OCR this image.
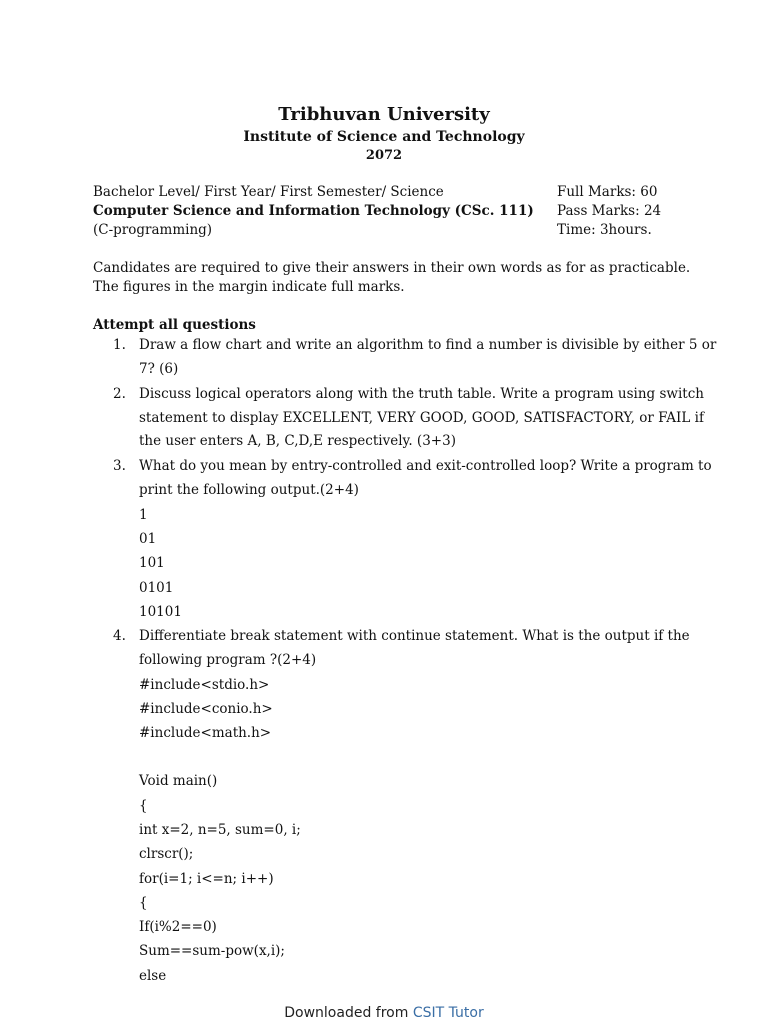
Tribhuvan University
Institute of Science and Technology
2072
Bachelor Level/ First Year/ First Semester/ Science
Computer Science and Information Technology (CSc. 111)
(C-programming)
Full Marks: 60
Pass Marks: 24
Time: 3hours.
Candidates are required to give their answers in their own words as for as practicable.
The figures in the margin indicate full marks.
Attempt all questions
1. Draw a flow chart and write an algorithm to find a number is divisible by either 5 or
7? (6)
2. Discuss logical operators along with the truth table. Write a program using switch
statement to display EXCELLENT, VERY GOOD, GOOD, SATISFACTORY, or FAIL if
the user enters A, B, C,D,E respectively. (3+3)
3. What do you mean by entry-controlled and exit-controlled loop? Write a program to
print the following output.(2+4)
1
01
101
0101
10101
4. Differentiate break statement with continue statement. What is the output if the
following program ?(2+4)
#include<stdio.h>
#include<conio.h>
#include<math.h>
Void main()
{
int x=2, n=5, sum=0, i;
clrscr();
for(i=1; i<=n; i++)
{
If(i%2==0)
Sum==sum-pow(x,i);
else
Downloaded from CSIT Tutor
